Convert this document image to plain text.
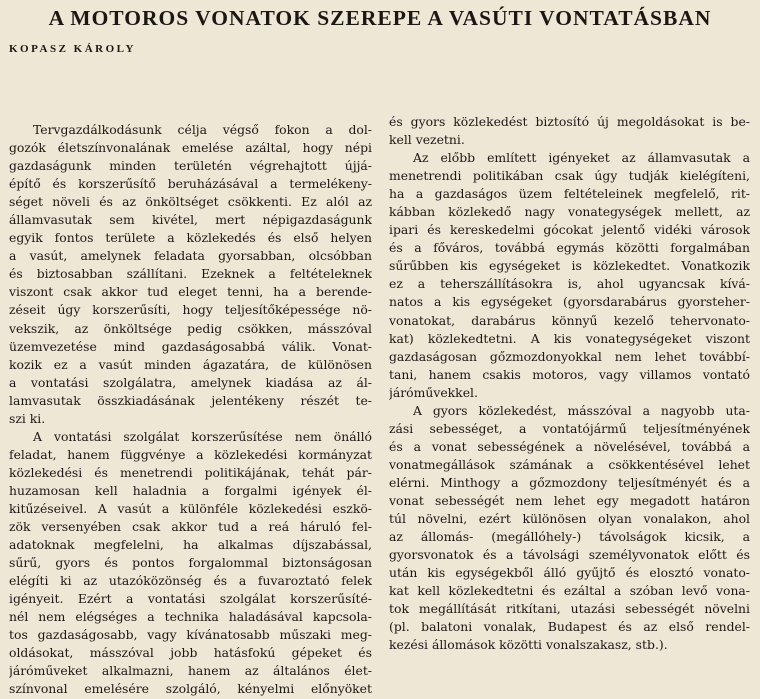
A MOTOROS VONATOK SZEREPE A VASÚTI VONTATÁSBAN
KOPASZ KÁROLY
Tervgazdálkodásunk célja végső fokon a dol-
gozók életszínvonalának emelése azáltal, hogy népi
gazdaságunk minden területén végrehajtott újjá-
építő és korszerűsítő beruházásával a termelékeny-
séget növeli és az önköltséget csökkenti. Ez alól az
államvasutak sem kivétel, mert népigazdaságunk
egyik fontos területe a közlekedés és első helyen
a vasút, amelynek feladata gyorsabban, olcsóbban
és biztosabban szállítani. Ezeknek a feltételeknek
viszont csak akkor tud eleget tenni, ha a berende-
zéseit úgy korszerűsíti, hogy teljesítőképessége nö-
vekszik, az önköltsége pedig csökken, másszóval
üzemvezetése mind gazdaságosabbá válik. Vonat-
kozik ez a vasút minden ágazatára, de különösen
a vontatási szolgálatra, amelynek kiadása az ál-
lamvasutak összkiadásának jelentékeny részét te-
szi ki.
A vontatási szolgálat korszerűsítése nem önálló
feladat, hanem függvénye a közlekedési kormányzat
közlekedési és menetrendi politikájának, tehát pár-
huzamosan kell haladnia a forgalmi igények él-
kitűzéseivel. A vasút a különféle közlekedési eszkö-
zök versenyében csak akkor tud a reá háruló fel-
adatoknak megfelelni, ha alkalmas díjszabással,
sűrű, gyors és pontos forgalommal biztonságosan
elégíti ki az utazóközönség és a fuvaroztató felek
igényeit. Ezért a vontatási szolgálat korszerűsíté-
nél nem elégséges a technika haladásával kapcsola-
tos gazdaságosabb, vagy kívánatosabb műszaki meg-
oldásokat, másszóval jobb hatásfokú gépeket és
járóműveket alkalmazni, hanem az általános élet-
színvonal emelésére szolgáló, kényelmi előnyöket
és gyors közlekedést biztosító új megoldásokat is be-
kell vezetni.
Az előbb említett igényeket az államvasutak a
menetrendi politikában csak úgy tudják kielégíteni,
ha a gazdaságos üzem feltételeinek megfelelő, rit-
kábban közlekedő nagy vonategységek mellett, az
ipari és kereskedelmi gócokat jelentő vidéki városok
és a főváros, továbbá egymás közötti forgalmában
sűrűbben kis egységeket is közlekedtet. Vonatkozik
ez a teherszállításokra is, ahol ugyancsak kívá-
natos a kis egységeket (gyorsdarabárus gyorsteher-
vonatokat, darabárus könnyű kezelő tehervonato-
kat) közlekedtetni. A kis vonategységeket viszont
gazdaságosan gőzmozdonyokkal nem lehet továbbí-
tani, hanem csakis motoros, vagy villamos vontató
járóművekkel.
A gyors közlekedést, másszóval a nagyobb uta-
zási sebességet, a vontatójármű teljesítményének
és a vonat sebességének a növelésével, továbbá a
vonatmegállások számának a csökkentésével lehet
elérni. Minthogy a gőzmozdony teljesítményét és a
vonat sebességét nem lehet egy megadott határon
túl növelni, ezért különösen olyan vonalakon, ahol
az állomás- (megállóhely-) távolságok kicsik, a
gyorsvonatok és a távolsági személyvonatok előtt és
után kis egységekből álló gyűjtő és elosztó vonato-
kat kell közlekedtetni és ezáltal a szóban levő vona-
tok megállítását ritkítani, utazási sebességét növelni
(pl. balatoni vonalak, Budapest és az első rendel-
kezési állomások közötti vonalszakasz, stb.).
